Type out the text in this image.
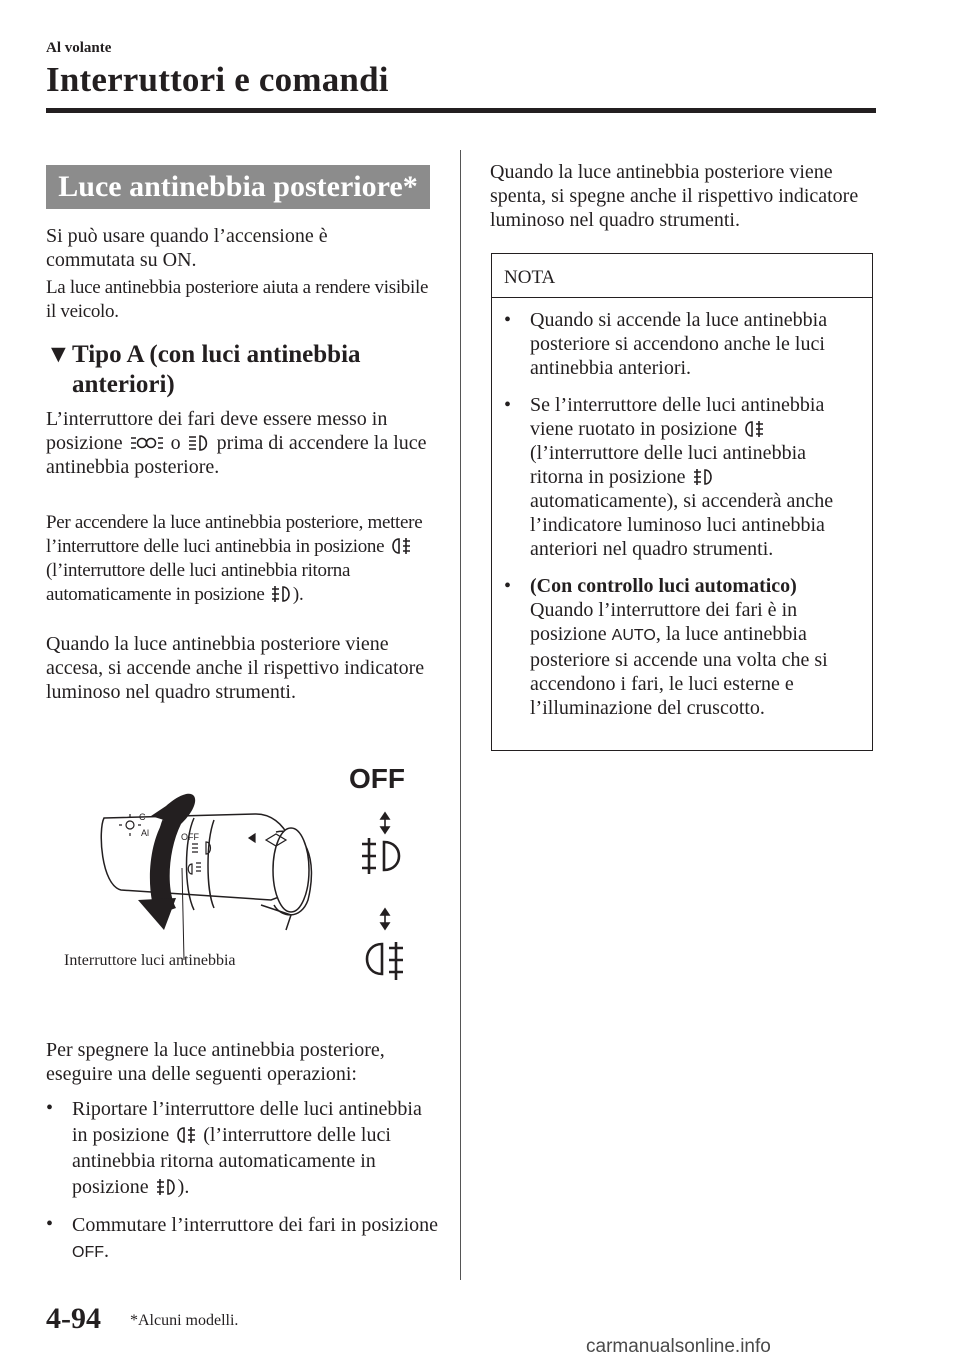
Al volante
Interruttori e comandi
Luce antinebbia posteriore*

Si può usare quando l’accensione è commutata su ON.

La luce antinebbia posteriore aiuta a rendere visibile il veicolo.

▼Tipo A (con luci antinebbia
anteriori)
L’interruttore dei fari deve essere messo in posizione o prima di accendere la luce antinebbia posteriore.
Per accendere la luce antinebbia posteriore, mettere l’interruttore delle luci antinebbia in posizione
(l’interruttore delle luci antinebbia ritorna automaticamente in posizione ).
Quando la luce antinebbia posteriore viene accesa, si accende anche il rispettivo indicatore luminoso nel quadro strumenti.
OFF
Al
C
OFF
Interruttore luci antinebbia
Per spegnere la luce antinebbia posteriore, eseguire una delle seguenti operazioni:
• Riportare l’interruttore delle luci antinebbia in posizione (l’interruttore delle luci antinebbia ritorna automaticamente in posizione ).
• Commutare l’interruttore dei fari in posizione OFF.
Quando la luce antinebbia posteriore viene spenta, si spegne anche il rispettivo indicatore luminoso nel quadro strumenti.
NOTA
• Quando si accende la luce antinebbia posteriore si accendono anche le luci antinebbia anteriori.
• Se l’interruttore delle luci antinebbia viene ruotato in posizione
(l’interruttore delle luci antinebbia ritorna in posizione
automaticamente), si accenderà anche l’indicatore luminoso luci antinebbia anteriori nel quadro strumenti.
• (Con controllo luci automatico)
Quando l’interruttore dei fari è in posizione AUTO, la luce antinebbia posteriore si accende una volta che si accendono i fari, le luci esterne e l’illuminazione del cruscotto.
4-94 *Alcuni modelli.
carmanualsonline.info
